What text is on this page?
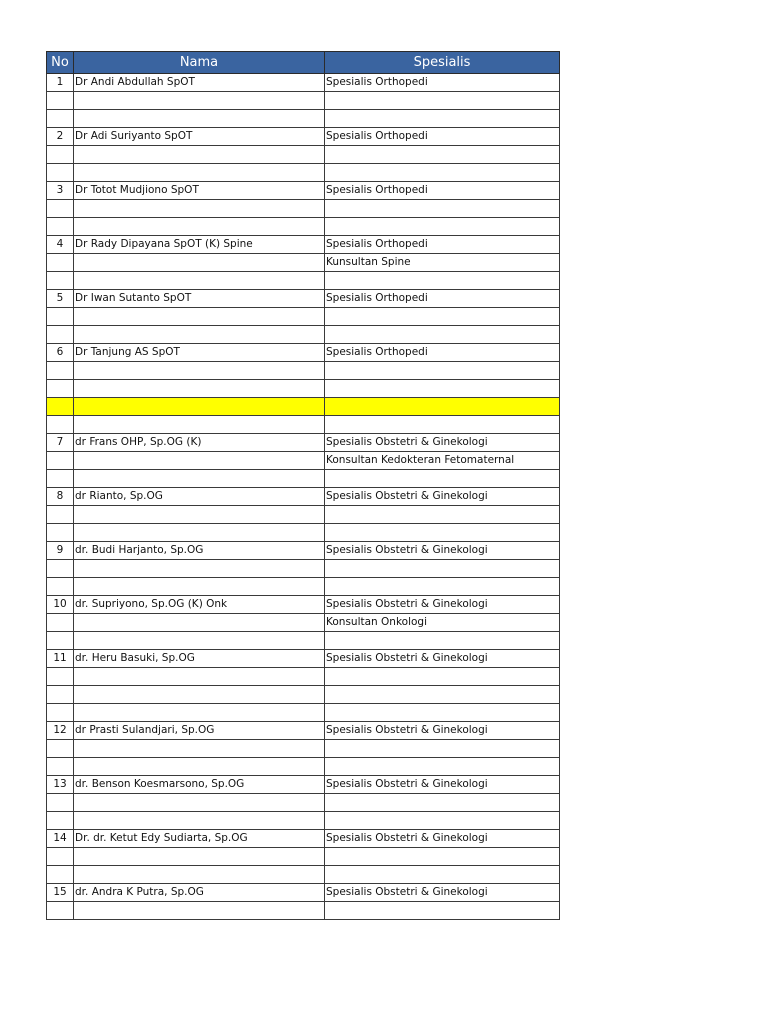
No	Nama	Spesialis
1	Dr Andi Abdullah SpOT	Spesialis Orthopedi

2	Dr Adi Suriyanto SpOT	Spesialis Orthopedi

3	Dr Totot Mudjiono SpOT	Spesialis Orthopedi

4	Dr Rady Dipayana SpOT (K) Spine	Spesialis Orthopedi
		Kunsultan Spine

5	Dr Iwan Sutanto SpOT	Spesialis Orthopedi

6	Dr Tanjung AS SpOT	Spesialis Orthopedi

7	dr Frans OHP, Sp.OG (K)	Spesialis Obstetri & Ginekologi
		Konsultan Kedokteran Fetomaternal

8	dr Rianto, Sp.OG	Spesialis Obstetri & Ginekologi

9	dr. Budi Harjanto, Sp.OG	Spesialis Obstetri & Ginekologi

10	dr. Supriyono, Sp.OG (K) Onk	Spesialis Obstetri & Ginekologi
		Konsultan Onkologi

11	dr. Heru Basuki, Sp.OG	Spesialis Obstetri & Ginekologi

12	dr Prasti Sulandjari, Sp.OG	Spesialis Obstetri & Ginekologi

13	dr. Benson Koesmarsono, Sp.OG	Spesialis Obstetri & Ginekologi

14	Dr. dr. Ketut Edy Sudiarta, Sp.OG	Spesialis Obstetri & Ginekologi

15	dr. Andra K Putra, Sp.OG	Spesialis Obstetri & Ginekologi
